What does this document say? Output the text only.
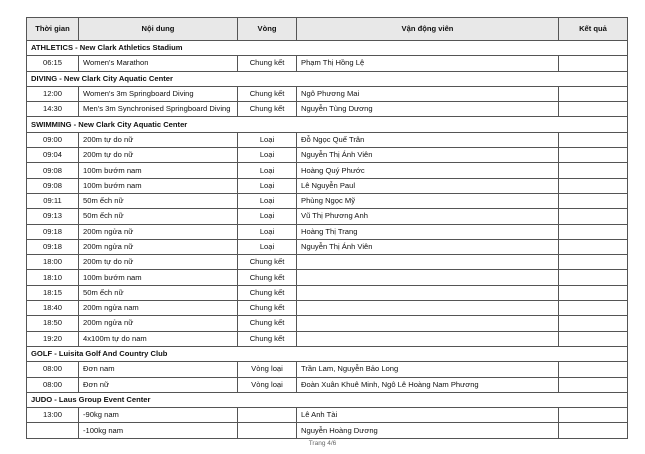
Thời gian	Nội dung	Vòng	Vận động viên	Kết quả
ATHLETICS - New Clark Athletics Stadium				
06:15	Women's Marathon	Chung kết	Phạm Thị Hồng Lệ	
DIVING - New Clark City Aquatic Center				
12:00	Women's 3m Springboard Diving	Chung kết	Ngô Phương Mai	
14:30	Men's 3m Synchronised Springboard Diving	Chung kết	Nguyễn Tùng Dương	
SWIMMING - New Clark City Aquatic Center				
09:00	200m tự do nữ	Loại	Đỗ Ngọc Quế Trân	
09:04	200m tự do nữ	Loại	Nguyễn Thị Ánh Viên	
09:08	100m bướm nam	Loại	Hoàng Quý Phước	
09:08	100m bướm nam	Loại	Lê Nguyễn Paul	
09:11	50m ếch nữ	Loại	Phùng Ngọc Mỹ	
09:13	50m ếch nữ	Loại	Vũ Thị Phương Anh	
09:18	200m ngửa nữ	Loại	Hoàng Thị Trang	
09:18	200m ngửa nữ	Loại	Nguyễn Thị Ánh Viên	
18:00	200m tự do nữ	Chung kết		
18:10	100m bướm nam	Chung kết		
18:15	50m ếch nữ	Chung kết		
18:40	200m ngửa nam	Chung kết		
18:50	200m ngửa nữ	Chung kết		
19:20	4x100m tự do nam	Chung kết		
GOLF - Luisita Golf And Country Club				
08:00	Đơn nam	Vòng loại	Trần Lam, Nguyễn Bảo Long	
08:00	Đơn nữ	Vòng loại	Đoàn Xuân Khuê Minh, Ngô Lê Hoàng Nam Phương	
JUDO - Laus Group Event Center				
13:00	-90kg nam		Lê Anh Tài	
	-100kg nam		Nguyễn Hoàng Dương	
Trang 4/6
